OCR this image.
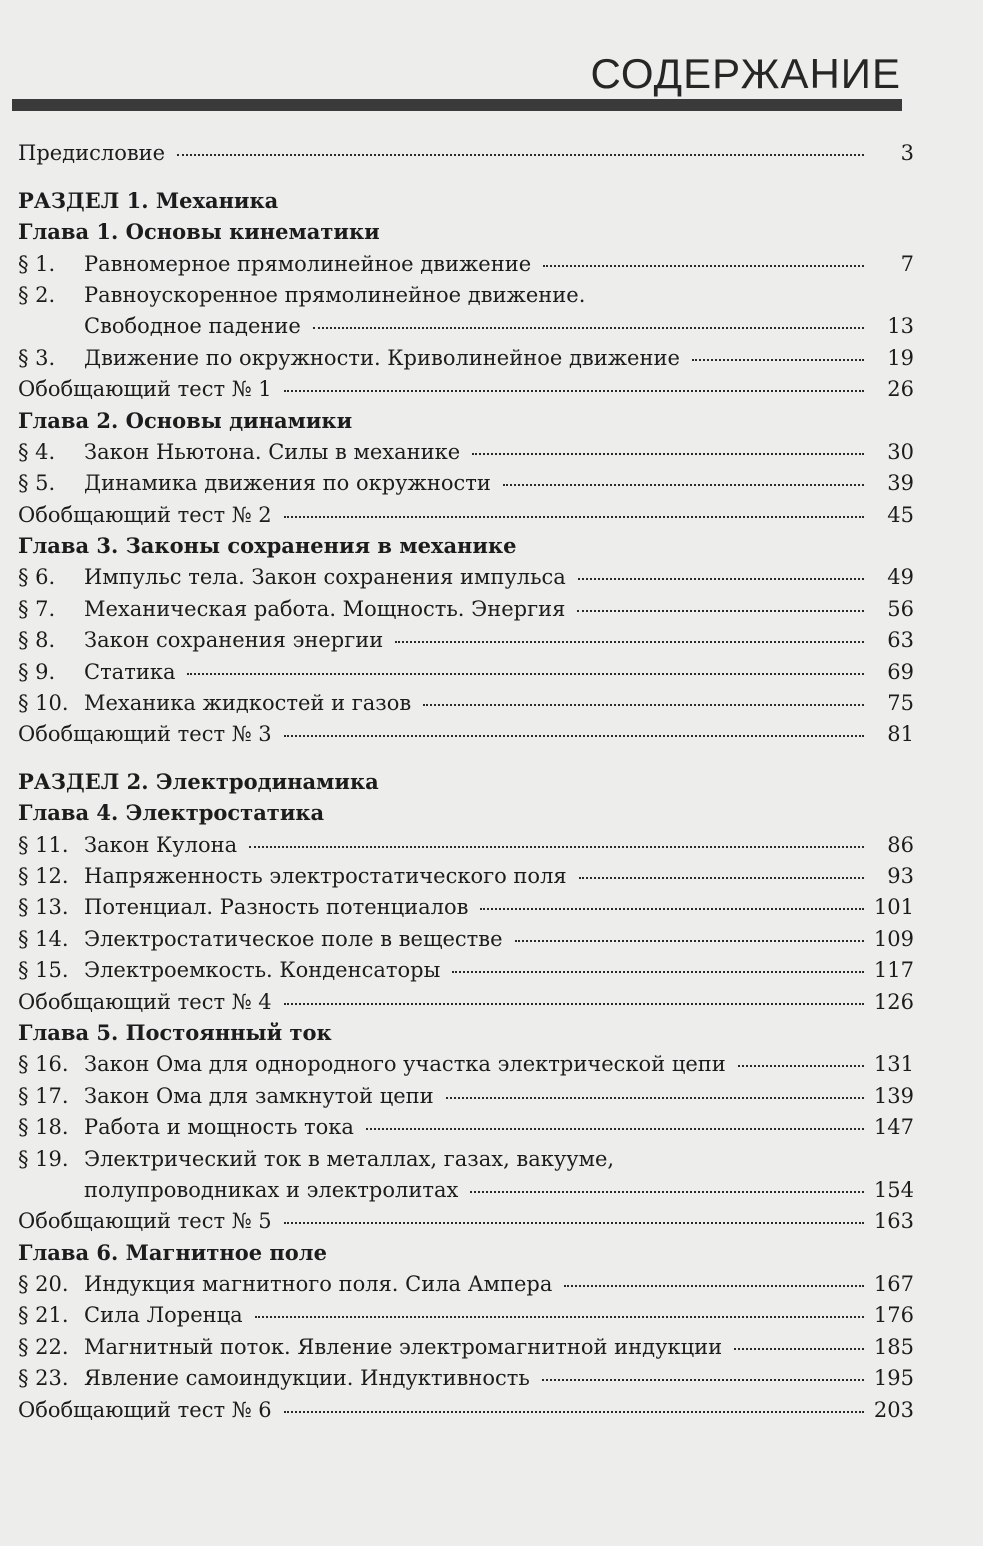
СОДЕРЖАНИЕ
Предисловие	3
РАЗДЕЛ 1. Механика
Глава 1. Основы кинематики
§ 1.	Равномерное прямолинейное движение	7
§ 2.	Равноускоренное прямолинейное движение.
Свободное падение	13
§ 3.	Движение по окружности. Криволинейное движение	19
Обобщающий тест № 1	26
Глава 2. Основы динамики
§ 4.	Закон Ньютона. Силы в механике	30
§ 5.	Динамика движения по окружности	39
Обобщающий тест № 2	45
Глава 3. Законы сохранения в механике
§ 6.	Импульс тела. Закон сохранения импульса	49
§ 7.	Механическая работа. Мощность. Энергия	56
§ 8.	Закон сохранения энергии	63
§ 9.	Статика	69
§ 10. Механика жидкостей и газов	75
Обобщающий тест № 3	81
РАЗДЕЛ 2. Электродинамика
Глава 4. Электростатика
§ 11. Закон Кулона	86
§ 12. Напряженность электростатического поля	93
§ 13. Потенциал. Разность потенциалов	101
§ 14. Электростатическое поле в веществе	109
§ 15. Электроемкость. Конденсаторы	117
Обобщающий тест № 4	126
Глава 5. Постоянный ток
§ 16. Закон Ома для однородного участка электрической цепи	131
§ 17. Закон Ома для замкнутой цепи	139
§ 18. Работа и мощность тока	147
§ 19. Электрический ток в металлах, газах, вакууме,
полупроводниках и электролитах	154
Обобщающий тест № 5	163
Глава 6. Магнитное поле
§ 20. Индукция магнитного поля. Сила Ампера	167
§ 21. Сила Лоренца	176
§ 22. Магнитный поток. Явление электромагнитной индукции	185
§ 23. Явление самоиндукции. Индуктивность	195
Обобщающий тест № 6	203
